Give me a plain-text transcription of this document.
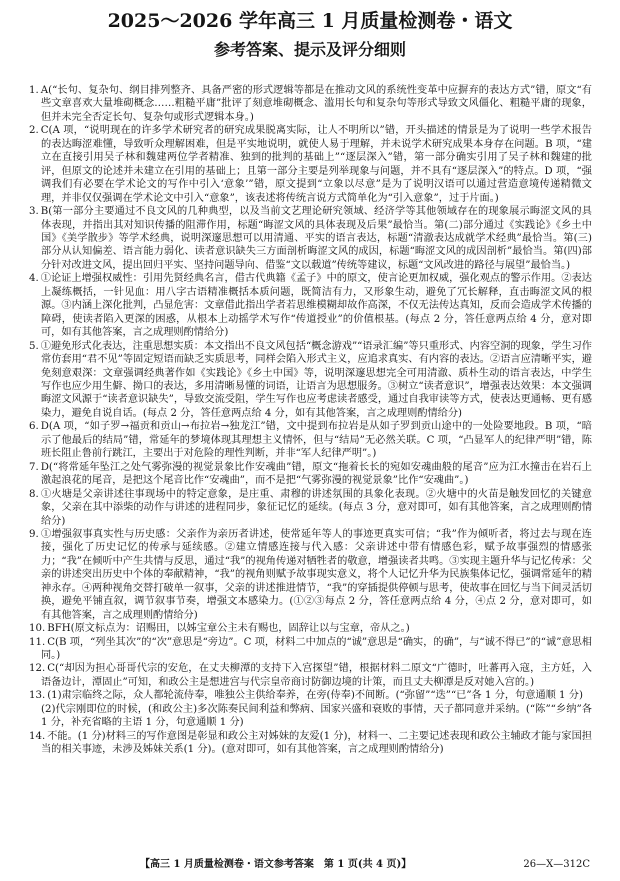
2025～2026 学年高三 1 月质量检测卷・语文
参考答案、提示及评分细则

1. A(“长句、复杂句、纲目排列整齐、具备严密的形式逻辑等都是在推动文风的系统性变革中应摒弃的表达方式”错，原文“有些文章喜欢大量堆砌概念……粗糙平庸”批评了刻意堆砌概念、滥用长句和复杂句等形式导致文风僵化、粗糙平庸的现象，但并未完全否定长句、复杂句或形式逻辑本身。)

2. C(A 项，“说明现在的许多学术研究者的研究成果脱离实际，让人不明所以”错，开头描述的情景是为了说明一些学术报告的表达晦涩难懂，导致听众理解困难，但是平实地说明，就使人易于理解，并未说学术研究成果本身存在问题。B 项，“建立在直接引用吴子林和魏建两位学者精准、独到的批判的基础上”“逐层深入”错，第一部分确实引用了吴子林和魏建的批评，但原文的论述并未建立在引用的基础上；且第一部分主要是列举现象与问题，并不具有“逐层深入”的特点。D 项，“强调我们有必要在学术论文的写作中引入‘意象’”错，原文提到“立象以尽意”是为了说明汉语可以通过营造意境传递精微文理，并非仅仅强调在学术论文中引入“意象”，该表述将传统言说方式简单化为“引入意象”，过于片面。)

3. B(第一部分主要通过不良文风的几种典型，以及当前文艺理论研究领域、经济学等其他领域存在的现象展示晦涩文风的具体表现，并指出其对知识传播的阻滞作用，标题“晦涩文风的具体表现及后果”最恰当。第(二)部分通过《实践论》《乡土中国》《美学散步》等学术经典，说明深邃思想可以用清通、平实的语言表达，标题“清澈表达成就学术经典”最恰当。第(三)部分从认知偏差、语言能力弱化、读者意识缺失三方面剖析晦涩文风的成因，标题“晦涩文风的成因剖析”最恰当。第(四)部分针对改进文风，提出回归平实、坚持问题导向、借鉴“文以载道”传统等建议，标题“文风改进的路径与展望”最恰当。)

4. ①论证上增强权威性：引用先贤经典名言，借古代典籍《孟子》中的原文，使言论更加权威，强化观点的警示作用。②表达上凝练概括，一针见血：用八字古语精准概括本质问题，既简洁有力，又形象生动，避免了冗长解释，直击晦涩文风的根源。③内涵上深化批判，凸显危害：文章借此指出学者若思维模糊却故作高深，不仅无法传达真知，反而会造成学术传播的障碍，使读者陷入更深的困惑，从根本上动摇学术写作“传道授业”的价值根基。(每点 2 分，答任意两点给 4 分，意对即可，如有其他答案，言之成理则酌情给分)

5. ①避免形式化表达，注重思想实质：本文指出不良文风包括“概念游戏”“语录汇编”等只重形式、内容空洞的现象，学生习作常仿套用“君不见”等固定短语而缺乏实质思考，同样会陷入形式主义，应追求真实、有内容的表达。②语言应清晰平实，避免刻意艰深：文章强调经典著作如《实践论》《乡土中国》等，说明深邃思想完全可用清澈、质朴生动的语言表达，中学生写作也应少用生僻、拗口的表达，多用清晰易懂的词语，让语言为思想服务。③树立“读者意识”，增强表达效果：本文强调晦涩文风源于“读者意识缺失”，导致交流受阻，学生写作也应考虑读者感受，通过自我审读等方式，使表达更通畅、更有感染力，避免自说自话。(每点 2 分，答任意两点给 4 分，如有其他答案，言之成理则酌情给分)

6. D(A 项，“如子罗→福贡和贡山→布拉岩→独龙江”错，文中提到布拉岩是从如子罗到贡山途中的一处险要地段。B 项，“暗示了他最后的结局”错，常延年的梦境体现其理想主义情怀，但与“结局”无必然关联。C 项，“凸显军人的纪律严明”错，陈班长阻止鲁前行跳江，主要出于对危险的理性判断，并非“军人纪律严明”。)

7. D(“将常延年坠江之处气雾弥漫的视觉景象比作安魂曲”错，原文“拖着长长的宛如安魂曲般的尾音”应为江水撞击在岩石上激起浪花的尾音，是把这个尾音比作“安魂曲”，而不是把“气雾弥漫的视觉景象”比作“安魂曲”。)

8. ①火塘是父亲讲述往事现场中的特定意象，是庄重、肃穆的讲述氛围的具象化表现。②火塘中的火苗是触发回忆的关键意象，父亲在其中添柴的动作与讲述的进程同步，象征记忆的延续。(每点 3 分，意对即可，如有其他答案，言之成理则酌情给分)

9. ①增强叙事真实性与历史感：父亲作为亲历者讲述，使常延年等人的事迹更真实可信；“我”作为倾听者，将过去与现在连接，强化了历史记忆的传承与延续感。②建立情感连接与代入感：父亲讲述中带有情感色彩，赋予故事强烈的情感张力；“我”在倾听中产生共情与反思，通过“我”的视角传递对牺牲者的敬意，增强读者共鸣。③实现主题升华与记忆传承：父亲的讲述突出历史中个体的奉献精神，“我”的视角则赋予故事现实意义，将个人记忆升华为民族集体记忆，强调常延年的精神永存。④两种视角交替打破单一叙事，父亲的讲述推进情节，“我”的穿插提供停顿与思考，使故事在回忆与当下间灵活切换，避免平铺直叙，调节叙事节奏，增强文本感染力。(①②③每点 2 分，答任意两点给 4 分，④点 2 分，意对即可，如有其他答案，言之成理则酌情给分)

10. BFH(原文标点为：诏赐田，以姊宝章公主未有赐也，固辞让以与宝章，帝从之。)

11. C(B 项，“列坐其次”的“次”意思是“旁边”。C 项，材料二中加点的“诚”意思是“确实，的确”，与“诚不得已”的“诚”意思相同。)

12. C(“却因为担心哥哥代宗的安危，在丈夫柳潭的支持下入宫探望”错，根据材料二原文“广德时，吐蕃再入寇，主方妊，入语备边计，潭固止”可知，和政公主是想进宫与代宗皇帝商讨防御边境的计策，而且丈夫柳潭是反对她入宫的。)

13. (1)肃宗临终之际，众人都轮流侍奉，唯独公主供给奉养，在旁(侍奉)不间断。(“弥留”“迭”“已”各 1 分，句意通顺 1 分)

(2)代宗刚即位的时候，(和政公主)多次陈奏民间利益和弊病、国家兴盛和衰败的事情，天子都同意并采纳。(“陈”“乡纳”各 1 分，补充省略的主语 1 分，句意通顺 1 分)

14. 不能。(1 分)材料三的写作意图是彰显和政公主对姊妹的友爱(1 分)，材料一、二主要记述表现和政公主辅政才能与家国担当的相关事迹，未涉及姊妹关系(1 分)。(意对即可，如有其他答案，言之成理则酌情给分)

【高三 1 月质量检测卷・语文参考答案　第 1 页(共 4 页)】	26—X—312C
